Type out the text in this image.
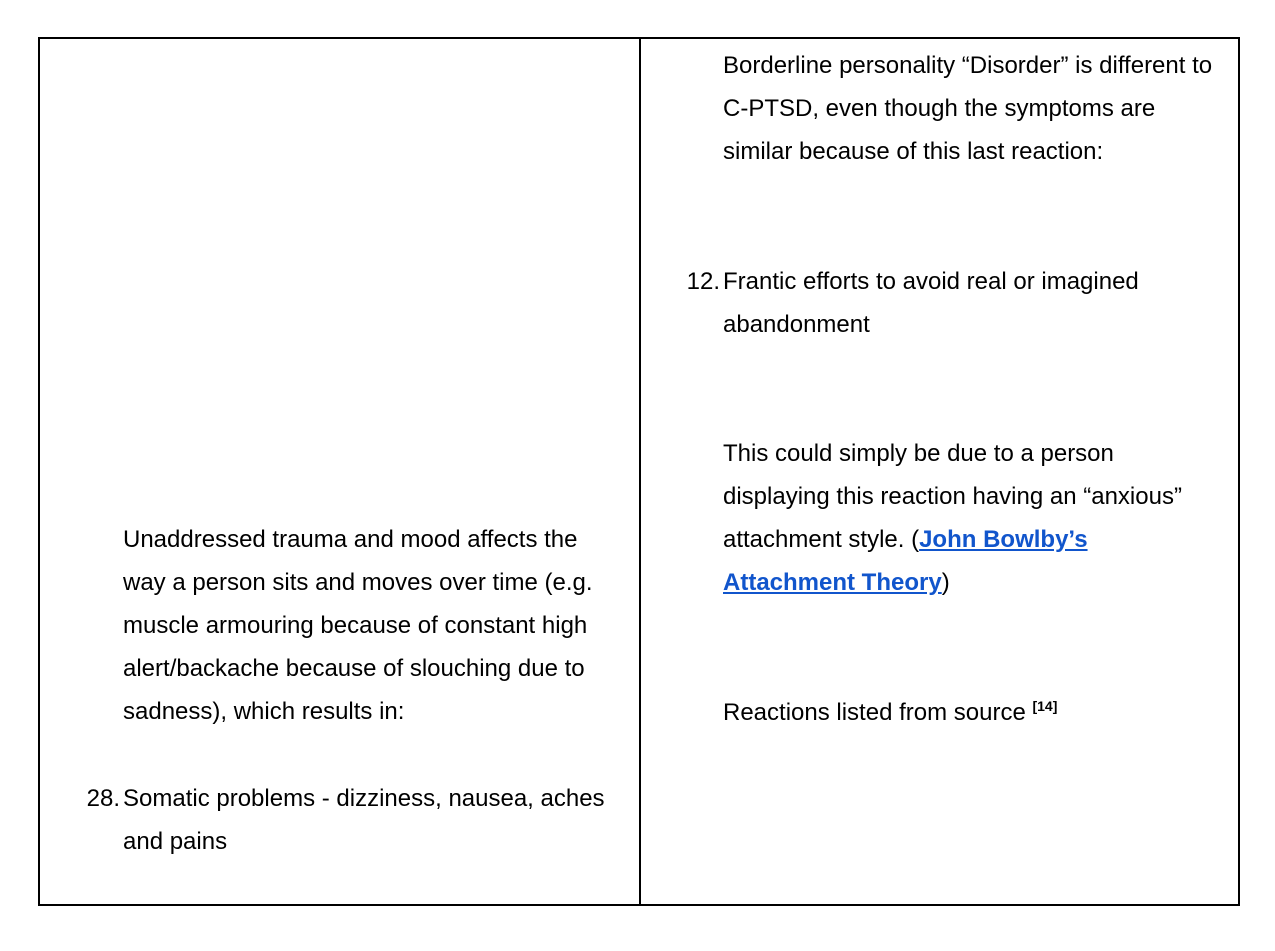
Unaddressed trauma and mood affects the way a person sits and moves over time (e.g. muscle armouring because of constant high alert/backache because of slouching due to sadness), which results in:

28. Somatic problems - dizziness, nausea, aches and pains

Borderline personality “Disorder” is different to C-PTSD, even though the symptoms are similar because of this last reaction:

12. Frantic efforts to avoid real or imagined abandonment

This could simply be due to a person displaying this reaction having an “anxious” attachment style. (John Bowlby’s Attachment Theory)

Reactions listed from source [14]
